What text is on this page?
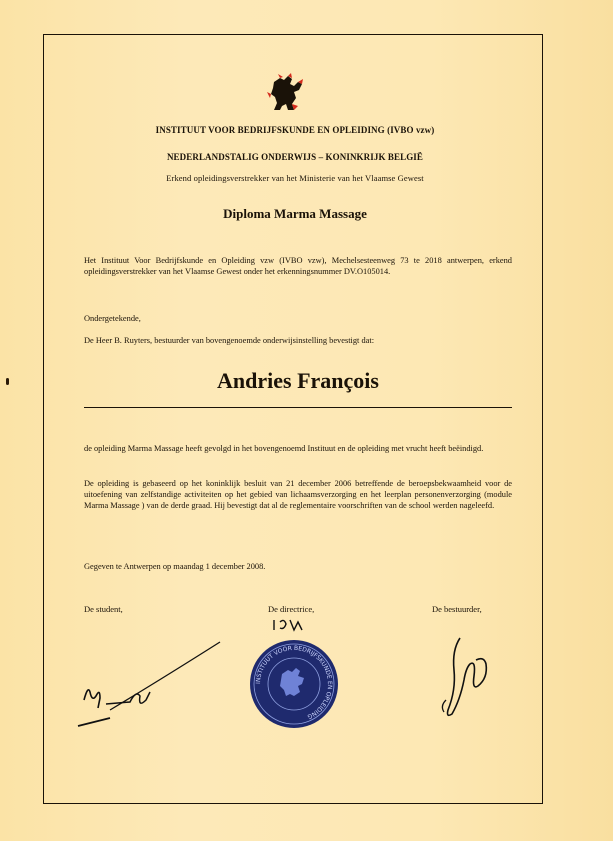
INSTITUUT VOOR BEDRIJFSKUNDE EN OPLEIDING (IVBO vzw)
NEDERLANDSTALIG ONDERWIJS – KONINKRIJK BELGIË
Erkend opleidingsverstrekker van het Ministerie van het Vlaamse Gewest
Diploma Marma Massage
Het Instituut Voor Bedrijfskunde en Opleiding vzw (IVBO vzw), Mechelsesteenweg 73 te 2018 antwerpen, erkend opleidingsverstrekker van het Vlaamse Gewest onder het erkenningsnummer DV.O105014.
Ondergetekende,
De Heer B. Ruyters, bestuurder van bovengenoemde onderwijsinstelling bevestigt dat:
Andries François
de opleiding Marma Massage heeft gevolgd in het bovengenoemd Instituut en de opleiding met vrucht heeft beëindigd.
De opleiding is gebaseerd op het koninklijk besluit van 21 december 2006 betreffende de beroepsbekwaamheid voor de uitoefening van zelfstandige activiteiten op het gebied van lichaamsverzorging en het leerplan personenverzorging (module Marma Massage ) van de derde graad. Hij bevestigt dat al de reglementaire voorschriften van de school werden nageleefd.
Gegeven te Antwerpen op maandag 1 december 2008.
De student,	De directrice,	De bestuurder,
INSTITUUT VOOR BEDRIJFSKUNDE EN OPLEIDING
